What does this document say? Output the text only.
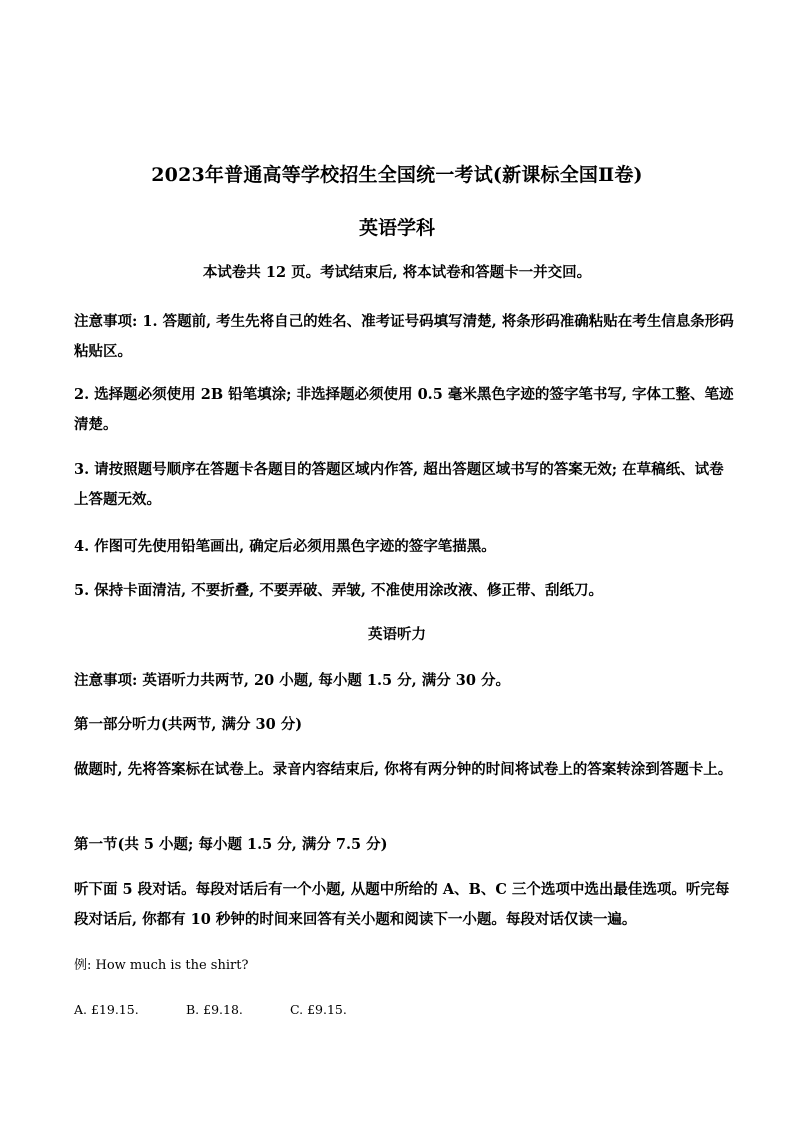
2023年普通高等学校招生全国统一考试(新课标全国Ⅱ卷)
英语学科
本试卷共 12 页。考试结束后, 将本试卷和答题卡一并交回。
注意事项: 1. 答题前, 考生先将自己的姓名、准考证号码填写清楚, 将条形码准确粘贴在考生信息条形码粘贴区。
2. 选择题必须使用 2B 铅笔填涂; 非选择题必须使用 0.5 毫米黑色字迹的签字笔书写, 字体工整、笔迹清楚。
3. 请按照题号顺序在答题卡各题目的答题区域内作答, 超出答题区域书写的答案无效; 在草稿纸、试卷上答题无效。
4. 作图可先使用铅笔画出, 确定后必须用黑色字迹的签字笔描黑。
5. 保持卡面清洁, 不要折叠, 不要弄破、弄皱, 不准使用涂改液、修正带、刮纸刀。
英语听力
注意事项: 英语听力共两节, 20 小题, 每小题 1.5 分, 满分 30 分。
第一部分听力(共两节, 满分 30 分)
做题时, 先将答案标在试卷上。录音内容结束后, 你将有两分钟的时间将试卷上的答案转涂到答题卡上。
第一节(共 5 小题; 每小题 1.5 分, 满分 7.5 分)
听下面 5 段对话。每段对话后有一个小题, 从题中所给的 A、B、C 三个选项中选出最佳选项。听完每段对话后, 你都有 10 秒钟的时间来回答有关小题和阅读下一小题。每段对话仅读一遍。
例: How much is the shirt?
A. £19.15.	B. £9.18.	C. £9.15.
